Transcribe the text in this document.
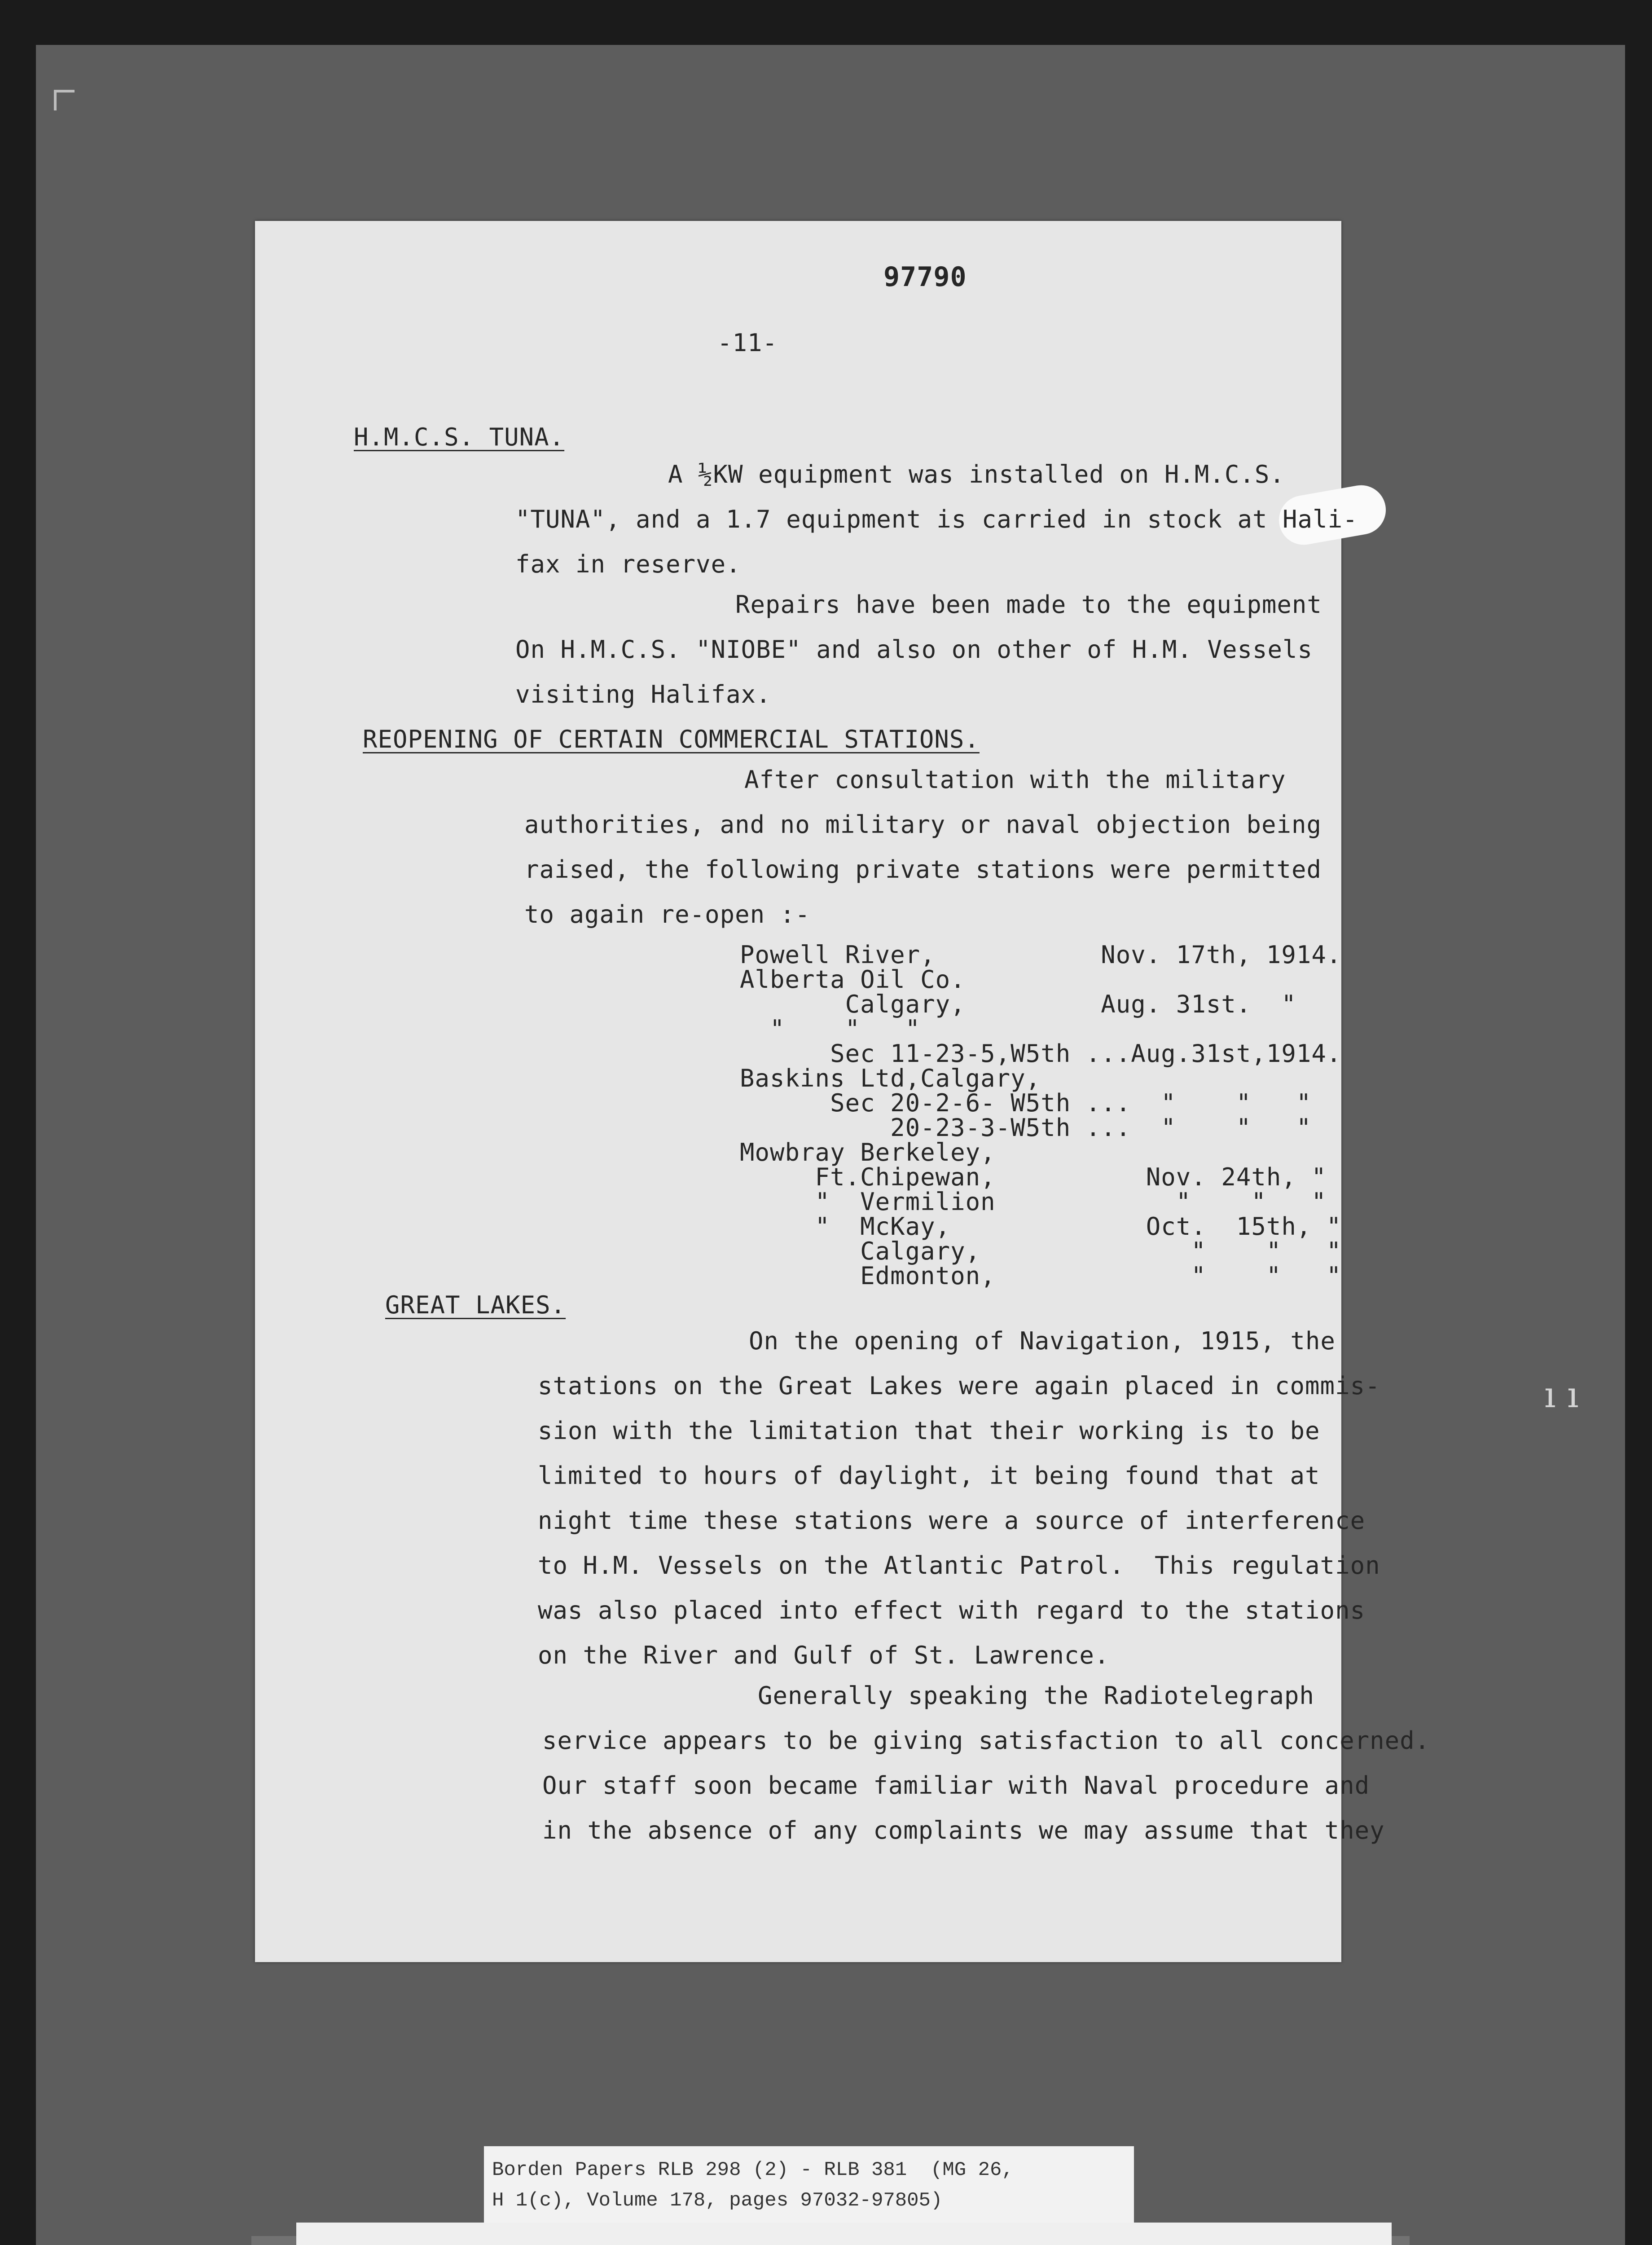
ı ı
97790
-11-
H.M.C.S. TUNA.
A ½KW equipment was installed on H.M.C.S.
"TUNA", and a 1.7 equipment is carried in stock at Hali-
fax in reserve.
Repairs have been made to the equipment
On H.M.C.S. "NIOBE" and also on other of H.M. Vessels
visiting Halifax.
REOPENING OF CERTAIN COMMERCIAL STATIONS.
After consultation with the military
authorities, and no military or naval objection being
raised, the following private stations were permitted
to again re-open :-
Powell River,           Nov. 17th, 1914.
Alberta Oil Co.
Calgary,         Aug. 31st.  "
"    "   "
Sec 11-23-5,W5th ...Aug.31st,1914.
Baskins Ltd,Calgary,
Sec 20-2-6- W5th ...  "    "   "
20-23-3-W5th ...  "    "   "
Mowbray Berkeley,
Ft.Chipewan,          Nov. 24th, "
"  Vermilion            "    "   "
"  McKay,             Oct.  15th, "
Calgary,              "    "   "
Edmonton,             "    "   "
GREAT LAKES.
On the opening of Navigation, 1915, the
stations on the Great Lakes were again placed in commis-
sion with the limitation that their working is to be
limited to hours of daylight, it being found that at
night time these stations were a source of interference
to H.M. Vessels on the Atlantic Patrol.  This regulation
was also placed into effect with regard to the stations
on the River and Gulf of St. Lawrence.
Generally speaking the Radiotelegraph
service appears to be giving satisfaction to all concerned.
Our staff soon became familiar with Naval procedure and
in the absence of any complaints we may assume that they
Borden Papers RLB 298 (2) - RLB 381  (MG 26,
H 1(c), Volume 178, pages 97032-97805)
